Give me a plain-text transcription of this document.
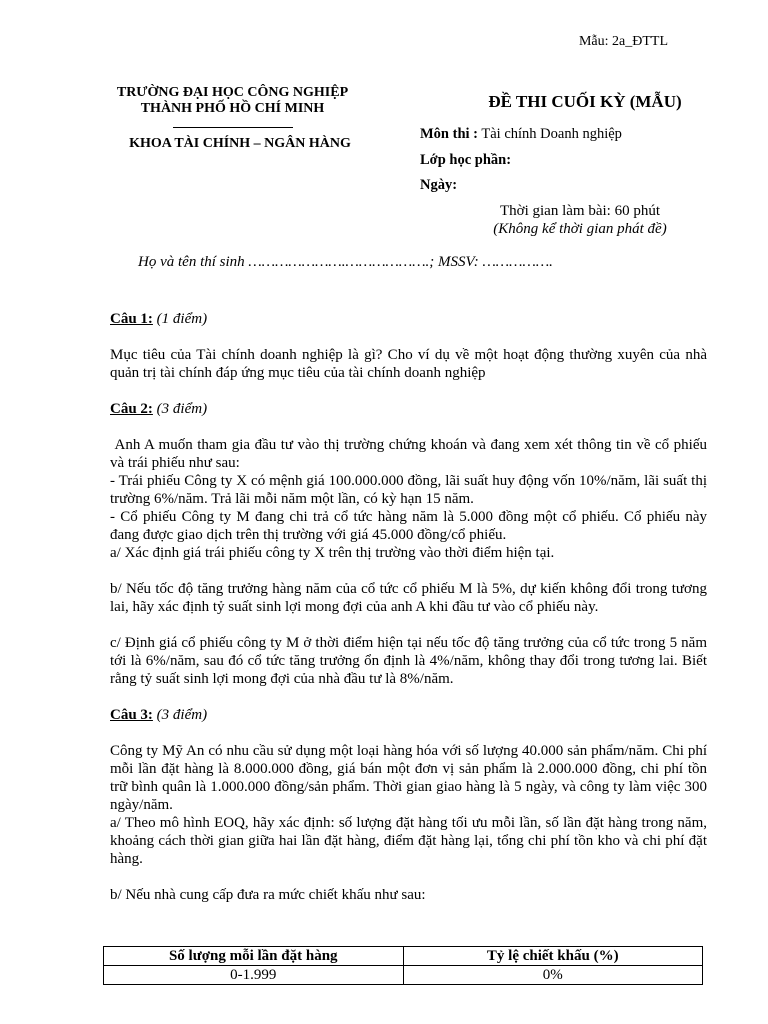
Mẫu: 2a_ĐTTL
TRƯỜNG ĐẠI HỌC CÔNG NGHIỆP
THÀNH PHỐ HỒ CHÍ MINH
KHOA TÀI CHÍNH – NGÂN HÀNG
ĐỀ THI CUỐI KỲ (MẪU)
Môn thi : Tài chính Doanh nghiệp
Lớp học phần:
Ngày:
Thời gian làm bài: 60 phút
(Không kể thời gian phát đề)
Họ và tên thí sinh ………………….……………….; MSSV: …………….
Câu 1: (1 điểm)

Mục tiêu của Tài chính doanh nghiệp là gì? Cho ví dụ về một hoạt động thường xuyên của nhà quản trị tài chính đáp ứng mục tiêu của tài chính doanh nghiệp

Câu 2: (3 điểm)

Anh A muốn tham gia đầu tư vào thị trường chứng khoán và đang xem xét thông tin về cổ phiếu và trái phiếu như sau:

- Trái phiếu Công ty X có mệnh giá 100.000.000 đồng, lãi suất huy động vốn 10%/năm, lãi suất thị trường 6%/năm. Trả lãi mỗi năm một lần, có kỳ hạn 15 năm.

- Cổ phiếu Công ty M đang chi trả cổ tức hàng năm là 5.000 đồng một cổ phiếu. Cổ phiếu này đang được giao dịch trên thị trường với giá 45.000 đồng/cổ phiếu.

a/ Xác định giá trái phiếu công ty X trên thị trường vào thời điểm hiện tại.

b/ Nếu tốc độ tăng trưởng hàng năm của cổ tức cổ phiếu M là 5%, dự kiến không đổi trong tương lai, hãy xác định tỷ suất sinh lợi mong đợi của anh A khi đầu tư vào cổ phiếu này.

c/ Định giá cổ phiếu công ty M ở thời điểm hiện tại nếu tốc độ tăng trưởng của cổ tức trong 5 năm tới là 6%/năm, sau đó cổ tức tăng trưởng ổn định là 4%/năm, không thay đổi trong tương lai. Biết rằng tỷ suất sinh lợi mong đợi của nhà đầu tư là 8%/năm.

Câu 3: (3 điểm)

Công ty Mỹ An có nhu cầu sử dụng một loại hàng hóa với số lượng 40.000 sản phẩm/năm. Chi phí mỗi lần đặt hàng là 8.000.000 đồng, giá bán một đơn vị sản phẩm là 2.000.000 đồng, chi phí tồn trữ bình quân là 1.000.000 đồng/sản phẩm. Thời gian giao hàng là 5 ngày, và công ty làm việc 300 ngày/năm.

a/ Theo mô hình EOQ, hãy xác định: số lượng đặt hàng tối ưu mỗi lần, số lần đặt hàng trong năm, khoảng cách thời gian giữa hai lần đặt hàng, điểm đặt hàng lại, tổng chi phí tồn kho và chi phí đặt hàng.

b/ Nếu nhà cung cấp đưa ra mức chiết khấu như sau:

Số lượng mỗi lần đặt hàng	Tỷ lệ chiết khấu (%)
0-1.999	0%
